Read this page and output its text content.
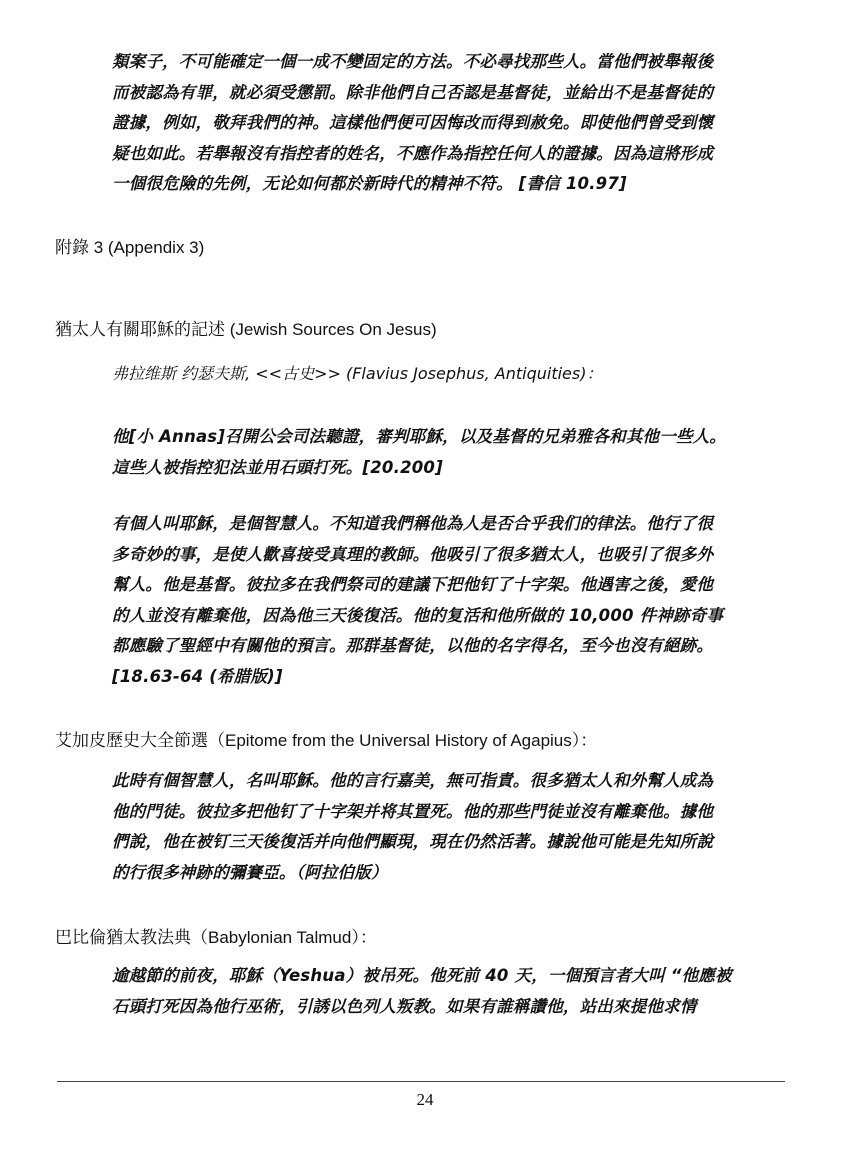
類案子，不可能確定一個一成不變固定的方法。不必尋找那些人。當他們被舉報後
而被認為有罪，就必須受懲罰。除非他們自己否認是基督徒，並給出不是基督徒的
證據，例如，敬拜我們的神。這樣他們便可因悔改而得到赦免。即使他們曾受到懷
疑也如此。若舉報沒有指控者的姓名，不應作為指控任何人的證據。因為這將形成
一個很危險的先例，无论如何都於新時代的精神不符。 [書信 10.97]
附錄 3 (Appendix 3)
猶太人有關耶穌的記述 (Jewish Sources On Jesus)
弗拉维斯 约瑟夫斯, <<古史>> (Flavius Josephus, Antiquities)：
他[小 Annas]召開公会司法聽證，審判耶穌，以及基督的兄弟雅各和其他一些人。
這些人被指控犯法並用石頭打死。[20.200]
有個人叫耶穌，是個智慧人。不知道我們稱他為人是否合乎我们的律法。他行了很
多奇妙的事，是使人歡喜接受真理的教師。他吸引了很多猶太人，也吸引了很多外
幫人。他是基督。彼拉多在我們祭司的建議下把他钉了十字架。他遇害之後，愛他
的人並沒有離棄他，因為他三天後復活。他的复活和他所做的 10,000 件神跡奇事
都應驗了聖經中有關他的預言。那群基督徒，以他的名字得名，至今也沒有絕跡。
[18.63-64 (希腊版)]
艾加皮歷史大全節選（Epitome from the Universal History of Agapius）：
此時有個智慧人，名叫耶穌。他的言行嘉美，無可指責。很多猶太人和外幫人成為
他的門徒。彼拉多把他钉了十字架并将其置死。他的那些門徒並沒有離棄他。據他
們說，他在被钉三天後復活并向他們顯現，現在仍然活著。據說他可能是先知所說
的行很多神跡的彌賽亞。（阿拉伯版）
巴比倫猶太教法典（Babylonian Talmud）：
逾越節的前夜，耶穌（Yeshua）被吊死。他死前 40 天，一個預言者大叫 “他應被
石頭打死因為他行巫術，引誘以色列人叛教。如果有誰稱讚他，站出來提他求情
24
